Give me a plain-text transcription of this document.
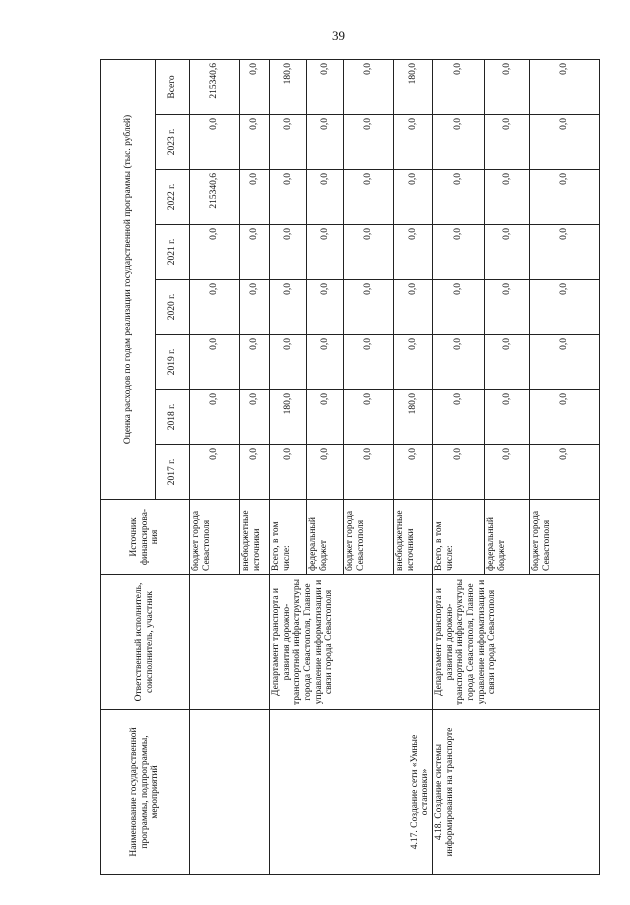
39
Наименование государственной программы, подпрограммы, мероприятий	Ответственный исполнитель, соисполнитель, участник	Источник финансирова-ния	Оценка расходов по годам реализации государственной программы (тыс. рублей)							
			2017 г.	2018 г.	2019 г.	2020 г.	2021 г.	2022 г.	2023 г.	Всего
		бюджет города Севастополя	0,0	0,0	0,0	0,0	0,0	215340,6	0,0	215340,6
		внебюджетные источники	0,0	0,0	0,0	0,0	0,0	0,0	0,0	0,0
4.17. Создание сети «Умные остановки»	Департамент транспорта и развития дорожно-транспортной инфраструктуры города Севастополя, Главное управление информатизации и связи города Севастополя	Всего, в том числе:	0,0	180,0	0,0	0,0	0,0	0,0	0,0	180,0
		федеральный бюджет	0,0	0,0	0,0	0,0	0,0	0,0	0,0	0,0
		бюджет города Севастополя	0,0	0,0	0,0	0,0	0,0	0,0	0,0	0,0
		внебюджетные источники	0,0	180,0	0,0	0,0	0,0	0,0	0,0	180,0
4.18. Создание системы информирования на транспорте	Департамент транспорта и развития дорожно-транспортной инфраструктуры города Севастополя, Главное управление информатизации и связи города Севастополя	Всего, в том числе:	0,0	0,0	0,0	0,0	0,0	0,0	0,0	0,0
		федеральный бюджет	0,0	0,0	0,0	0,0	0,0	0,0	0,0	0,0
		бюджет города Севастополя	0,0	0,0	0,0	0,0	0,0	0,0	0,0	0,0
